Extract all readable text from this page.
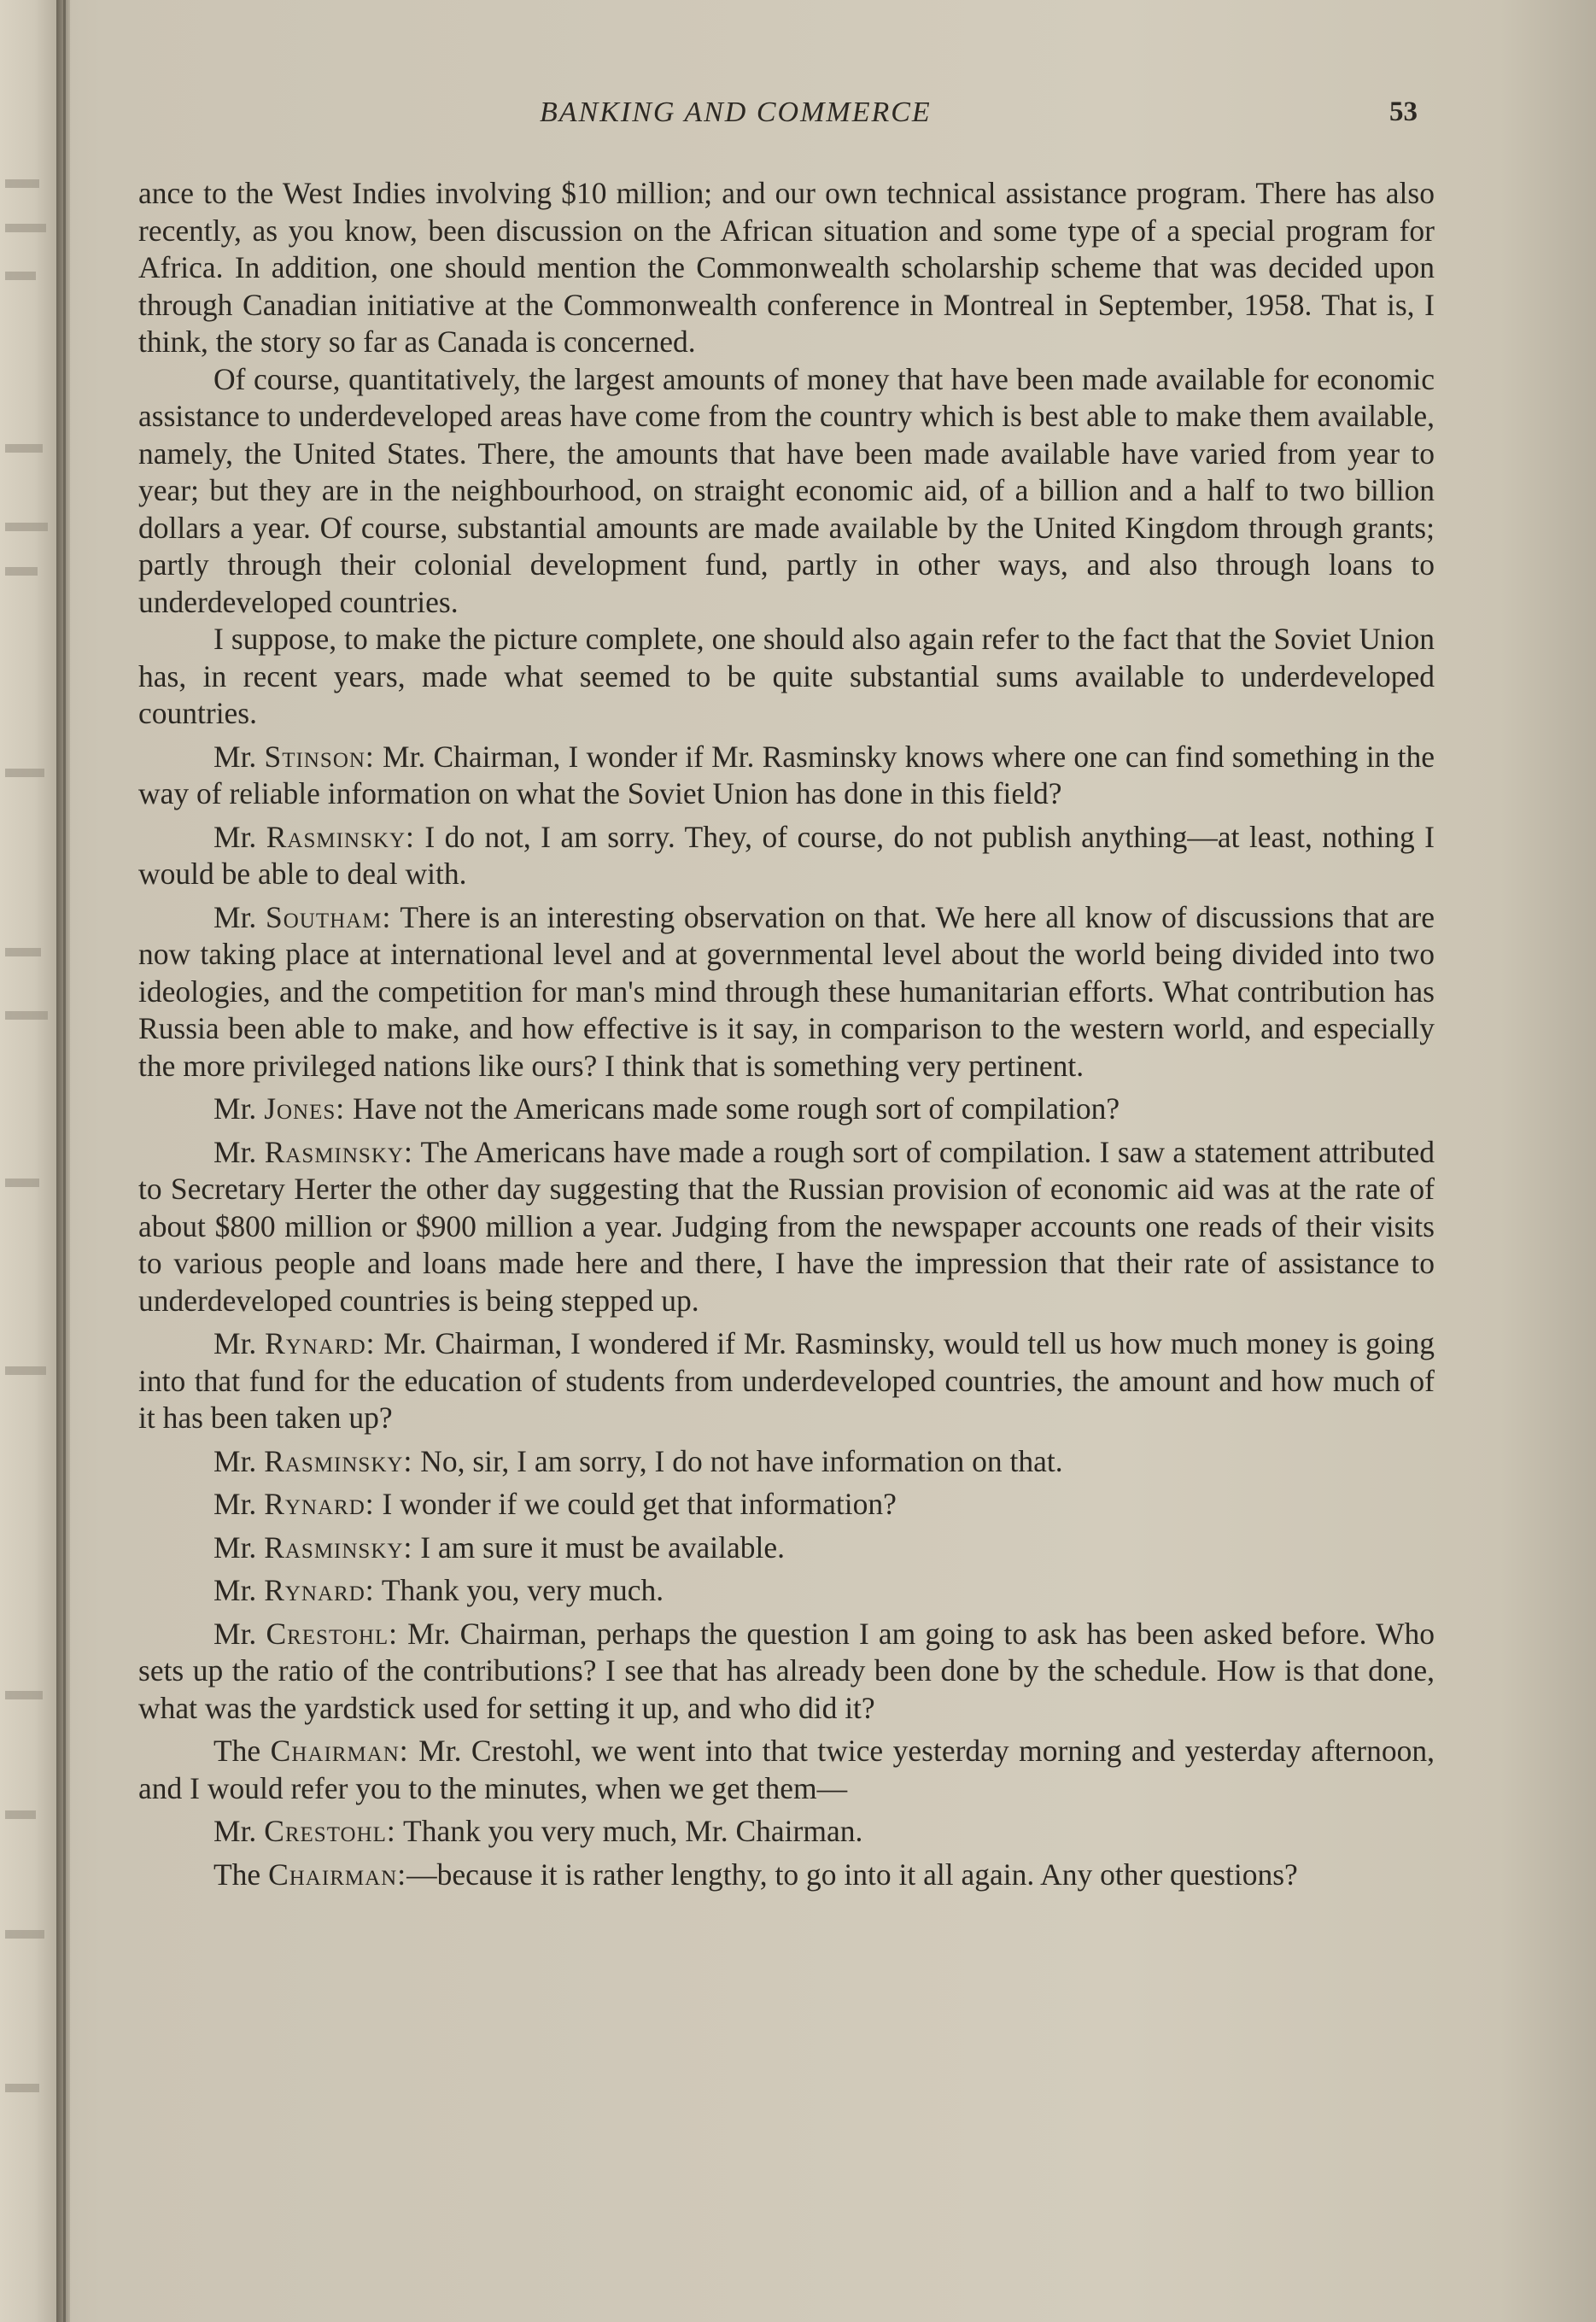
BANKING AND COMMERCE	53

ance to the West Indies involving $10 million; and our own technical assistance program. There has also recently, as you know, been discussion on the African situation and some type of a special program for Africa. In addition, one should mention the Commonwealth scholarship scheme that was decided upon through Canadian initiative at the Commonwealth conference in Montreal in September, 1958. That is, I think, the story so far as Canada is concerned.

Of course, quantitatively, the largest amounts of money that have been made available for economic assistance to underdeveloped areas have come from the country which is best able to make them available, namely, the United States. There, the amounts that have been made available have varied from year to year; but they are in the neighbourhood, on straight economic aid, of a billion and a half to two billion dollars a year. Of course, substantial amounts are made available by the United Kingdom through grants; partly through their colonial development fund, partly in other ways, and also through loans to underdeveloped countries.

I suppose, to make the picture complete, one should also again refer to the fact that the Soviet Union has, in recent years, made what seemed to be quite substantial sums available to underdeveloped countries.

Mr. Stinson: Mr. Chairman, I wonder if Mr. Rasminsky knows where one can find something in the way of reliable information on what the Soviet Union has done in this field?

Mr. Rasminsky: I do not, I am sorry. They, of course, do not publish anything—at least, nothing I would be able to deal with.

Mr. Southam: There is an interesting observation on that. We here all know of discussions that are now taking place at international level and at governmental level about the world being divided into two ideologies, and the competition for man's mind through these humanitarian efforts. What contribution has Russia been able to make, and how effective is it say, in comparison to the western world, and especially the more privileged nations like ours? I think that is something very pertinent.

Mr. Jones: Have not the Americans made some rough sort of compilation?

Mr. Rasminsky: The Americans have made a rough sort of compilation. I saw a statement attributed to Secretary Herter the other day suggesting that the Russian provision of economic aid was at the rate of about $800 million or $900 million a year. Judging from the newspaper accounts one reads of their visits to various people and loans made here and there, I have the impression that their rate of assistance to underdeveloped countries is being stepped up.

Mr. Rynard: Mr. Chairman, I wondered if Mr. Rasminsky, would tell us how much money is going into that fund for the education of students from underdeveloped countries, the amount and how much of it has been taken up?

Mr. Rasminsky: No, sir, I am sorry, I do not have information on that.

Mr. Rynard: I wonder if we could get that information?

Mr. Rasminsky: I am sure it must be available.

Mr. Rynard: Thank you, very much.

Mr. Crestohl: Mr. Chairman, perhaps the question I am going to ask has been asked before. Who sets up the ratio of the contributions? I see that has already been done by the schedule. How is that done, what was the yardstick used for setting it up, and who did it?

The Chairman: Mr. Crestohl, we went into that twice yesterday morning and yesterday afternoon, and I would refer you to the minutes, when we get them—

Mr. Crestohl: Thank you very much, Mr. Chairman.

The Chairman:—because it is rather lengthy, to go into it all again. Any other questions?
